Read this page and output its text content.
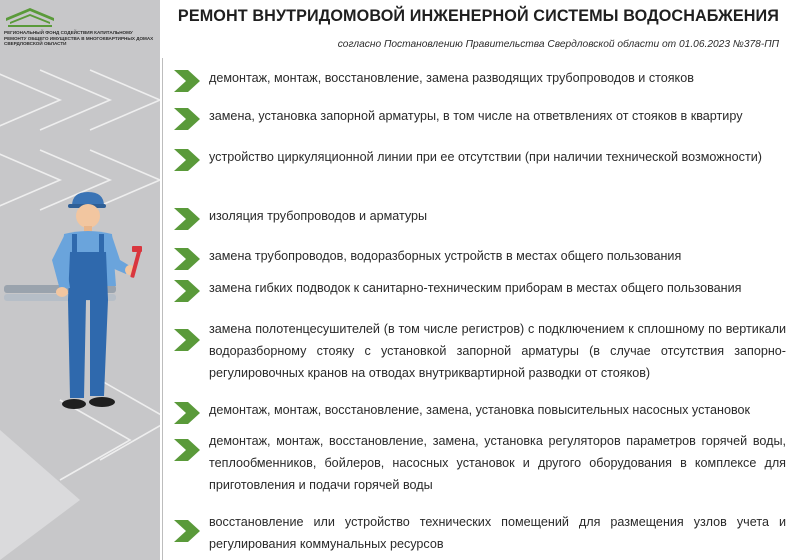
РЕГИОНАЛЬНЫЙ ФОНД СОДЕЙСТВИЯ КАПИТАЛЬНОМУ РЕМОНТУ ОБЩЕГО ИМУЩЕСТВА В МНОГОКВАРТИРНЫХ ДОМАХ СВЕРДЛОВСКОЙ ОБЛАСТИ
РЕМОНТ ВНУТРИДОМОВОЙ ИНЖЕНЕРНОЙ СИСТЕМЫ ВОДОСНАБЖЕНИЯ
согласно Постановлению Правительства Свердловской области от 01.06.2023 №378-ПП
демонтаж, монтаж, восстановление, замена разводящих трубопроводов и стояков
замена, установка запорной арматуры, в том числе на ответвлениях от стояков в квартиру
устройство циркуляционной линии при ее отсутствии (при наличии технической возможности)
изоляция трубопроводов и арматуры
замена трубопроводов, водоразборных устройств в местах общего пользования
замена гибких подводок к санитарно-техническим приборам в местах общего пользования
замена полотенцесушителей (в том числе регистров) с подключением к сплошному по вертикали водоразборному стояку с установкой запорной арматуры (в случае отсутствия запорно-регулировочных кранов на отводах внутриквартирной разводки от стояков)
демонтаж, монтаж, восстановление, замена, установка повысительных насосных установок
демонтаж, монтаж, восстановление, замена, установка регуляторов параметров горячей воды, теплообменников, бойлеров, насосных установок и другого оборудования в комплексе для приготовления и подачи горячей воды
восстановление или устройство технических помещений для размещения узлов учета и регулирования коммунальных ресурсов
